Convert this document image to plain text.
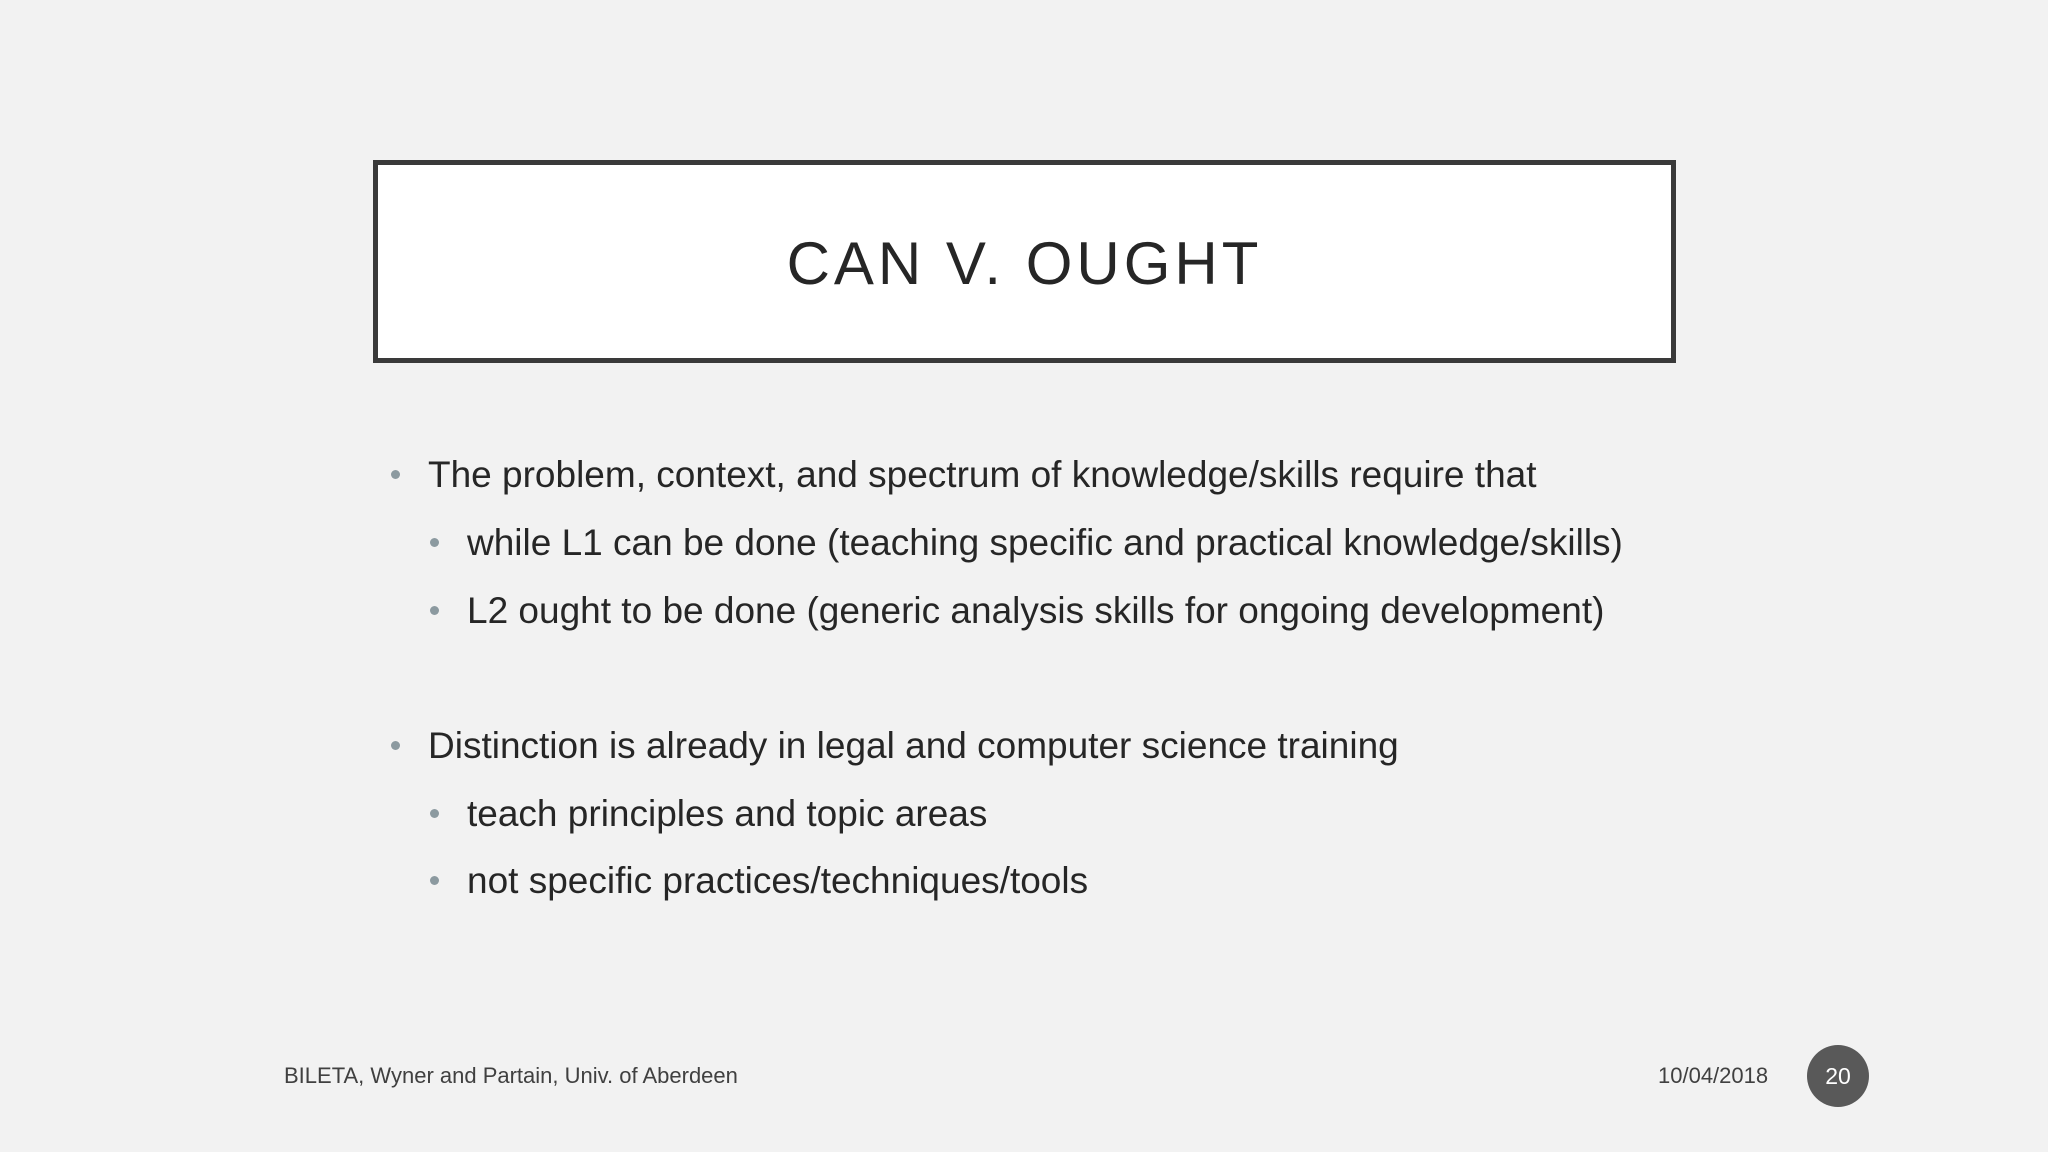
CAN V. OUGHT
The problem, context, and spectrum of knowledge/skills require that
while L1 can be done (teaching specific and practical knowledge/skills)
L2 ought to be done (generic analysis skills for ongoing development)
Distinction is already in legal and computer science training
teach principles and topic areas
not specific practices/techniques/tools
BILETA, Wyner and Partain, Univ. of Aberdeen	10/04/2018	20
